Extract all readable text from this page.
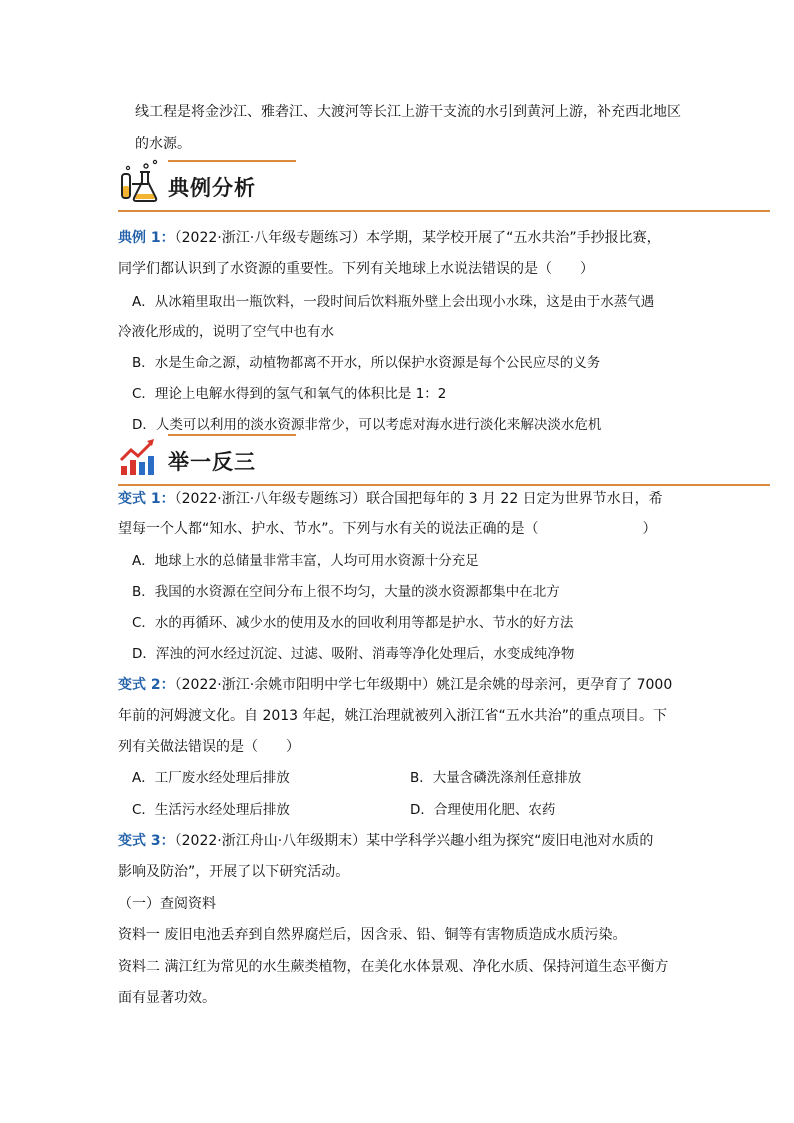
线工程是将金沙江、雅砻江、大渡河等长江上游干支流的水引到黄河上游，补充西北地区
的水源。
典例分析
典例 1：（2022·浙江·八年级专题练习）本学期，某学校开展了“五水共治”手抄报比赛，
同学们都认识到了水资源的重要性。下列有关地球上水说法错误的是（　　）
A．从冰箱里取出一瓶饮料，一段时间后饮料瓶外壁上会出现小水珠，这是由于水蒸气遇
冷液化形成的，说明了空气中也有水
B．水是生命之源，动植物都离不开水，所以保护水资源是每个公民应尽的义务
C．理论上电解水得到的氢气和氧气的体积比是 1：2
D．人类可以利用的淡水资源非常少，可以考虑对海水进行淡化来解决淡水危机
举一反三
变式 1：（2022·浙江·八年级专题练习）联合国把每年的 3 月 22 日定为世界节水日，希
望每一个人都“知水、护水、节水”。下列与水有关的说法正确的是（	）
A．地球上水的总储量非常丰富，人均可用水资源十分充足
B．我国的水资源在空间分布上很不均匀，大量的淡水资源都集中在北方
C．水的再循环、减少水的使用及水的回收利用等都是护水、节水的好方法
D．浑浊的河水经过沉淀、过滤、吸附、消毒等净化处理后，水变成纯净物
变式 2：（2022·浙江·余姚市阳明中学七年级期中）姚江是余姚的母亲河，更孕育了 7000
年前的河姆渡文化。自 2013 年起，姚江治理就被列入浙江省“五水共治”的重点项目。下
列有关做法错误的是（　　）
A．工厂废水经处理后排放	B．大量含磷洗涤剂任意排放
C．生活污水经处理后排放	D．合理使用化肥、农药
变式 3：（2022·浙江舟山·八年级期末）某中学科学兴趣小组为探究“废旧电池对水质的
影响及防治”，开展了以下研究活动。
（一）查阅资料
资料一 废旧电池丢弃到自然界腐烂后，因含汞、铅、铜等有害物质造成水质污染。
资料二 满江红为常见的水生蕨类植物，在美化水体景观、净化水质、保持河道生态平衡方
面有显著功效。
